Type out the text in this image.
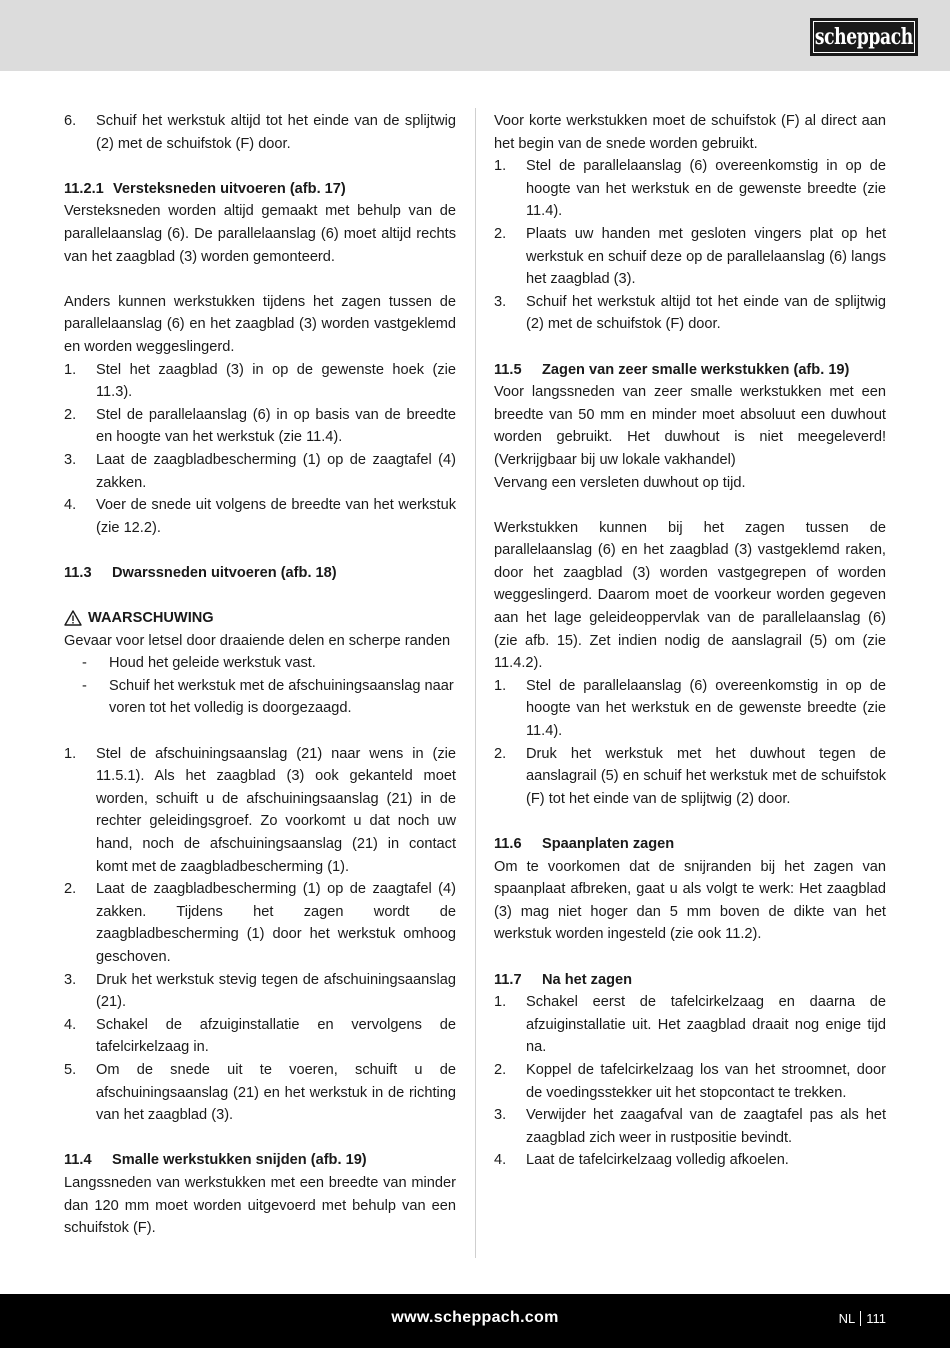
scheppach
6.	Schuif het werkstuk altijd tot het einde van de splijtwig (2) met de schuifstok (F) door.
11.2.1 Versteksneden uitvoeren (afb. 17)
Versteksneden worden altijd gemaakt met behulp van de parallelaanslag (6). De parallelaanslag (6) moet altijd rechts van het zaagblad (3) worden gemonteerd.
Anders kunnen werkstukken tijdens het zagen tussen de parallelaanslag (6) en het zaagblad (3) worden vastgeklemd en worden weggeslingerd.
1.	Stel het zaagblad (3) in op de gewenste hoek (zie 11.3).
2.	Stel de parallelaanslag (6) in op basis van de breedte en hoogte van het werkstuk (zie 11.4).
3.	Laat de zaagbladbescherming (1) op de zaagtafel (4) zakken.
4.	Voer de snede uit volgens de breedte van het werkstuk (zie 12.2).
11.3	Dwarssneden uitvoeren (afb. 18)
WAARSCHUWING
Gevaar voor letsel door draaiende delen en scherpe randen
-	Houd het geleide werkstuk vast.
-	Schuif het werkstuk met de afschuiningsaanslag naar voren tot het volledig is doorgezaagd.
1.	Stel de afschuiningsaanslag (21) naar wens in (zie 11.5.1). Als het zaagblad (3) ook gekanteld moet worden, schuift u de afschuiningsaanslag (21) in de rechter geleidingsgroef. Zo voorkomt u dat noch uw hand, noch de afschuiningsaanslag (21) in contact komt met de zaagbladbescherming (1).
2.	Laat de zaagbladbescherming (1) op de zaagtafel (4) zakken. Tijdens het zagen wordt de zaagbladbescherming (1) door het werkstuk omhoog geschoven.
3.	Druk het werkstuk stevig tegen de afschuiningsaanslag (21).
4.	Schakel de afzuiginstallatie en vervolgens de tafelcirkelzaag in.
5.	Om de snede uit te voeren, schuift u de afschuiningsaanslag (21) en het werkstuk in de richting van het zaagblad (3).
11.4	Smalle werkstukken snijden (afb. 19)
Langssneden van werkstukken met een breedte van minder dan 120 mm moet worden uitgevoerd met behulp van een schuifstok (F).
Voor korte werkstukken moet de schuifstok (F) al direct aan het begin van de snede worden gebruikt.
1.	Stel de parallelaanslag (6) overeenkomstig in op de hoogte van het werkstuk en de gewenste breedte (zie 11.4).
2.	Plaats uw handen met gesloten vingers plat op het werkstuk en schuif deze op de parallelaanslag (6) langs het zaagblad (3).
3.	Schuif het werkstuk altijd tot het einde van de splijtwig (2) met de schuifstok (F) door.
11.5	Zagen van zeer smalle werkstukken (afb. 19)
Voor langssneden van zeer smalle werkstukken met een breedte van 50 mm en minder moet absoluut een duwhout worden gebruikt. Het duwhout is niet meegeleverd! (Verkrijgbaar bij uw lokale vakhandel)
Vervang een versleten duwhout op tijd.
Werkstukken kunnen bij het zagen tussen de parallelaanslag (6) en het zaagblad (3) vastgeklemd raken, door het zaagblad (3) worden vastgegrepen of worden weggeslingerd. Daarom moet de voorkeur worden gegeven aan het lage geleideoppervlak van de parallelaanslag (6) (zie afb. 15). Zet indien nodig de aanslagrail (5) om (zie 11.4.2).
1.	Stel de parallelaanslag (6) overeenkomstig in op de hoogte van het werkstuk en de gewenste breedte (zie 11.4).
2.	Druk het werkstuk met het duwhout tegen de aanslagrail (5) en schuif het werkstuk met de schuifstok (F) tot het einde van de splijtwig (2) door.
11.6	Spaanplaten zagen
Om te voorkomen dat de snijranden bij het zagen van spaanplaat afbreken, gaat u als volgt te werk: Het zaagblad (3) mag niet hoger dan 5 mm boven de dikte van het werkstuk worden ingesteld (zie ook 11.2).
11.7	Na het zagen
1.	Schakel eerst de tafelcirkelzaag en daarna de afzuiginstallatie uit. Het zaagblad draait nog enige tijd na.
2.	Koppel de tafelcirkelzaag los van het stroomnet, door de voedingsstekker uit het stopcontact te trekken.
3.	Verwijder het zaagafval van de zaagtafel pas als het zaagblad zich weer in rustpositie bevindt.
4.	Laat de tafelcirkelzaag volledig afkoelen.
www.scheppach.com	NL 111
